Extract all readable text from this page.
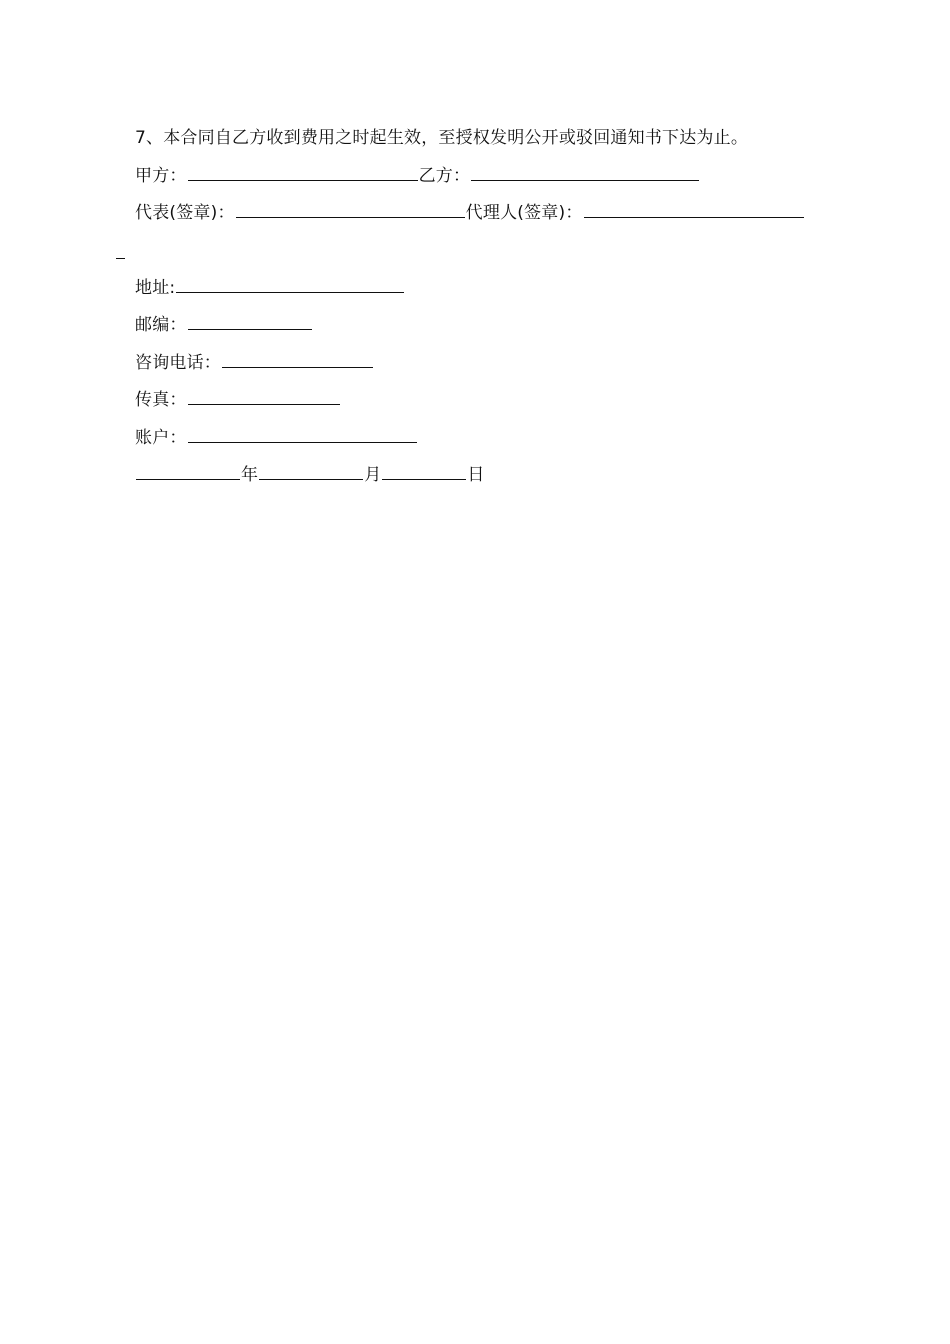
7、本合同自乙方收到费用之时起生效，至授权发明公开或驳回通知书下达为止。
甲方：	乙方：
代表(签章)：	代理人(签章)：
地址:
邮编：
咨询电话：
传真：
账户：
年	月	日
